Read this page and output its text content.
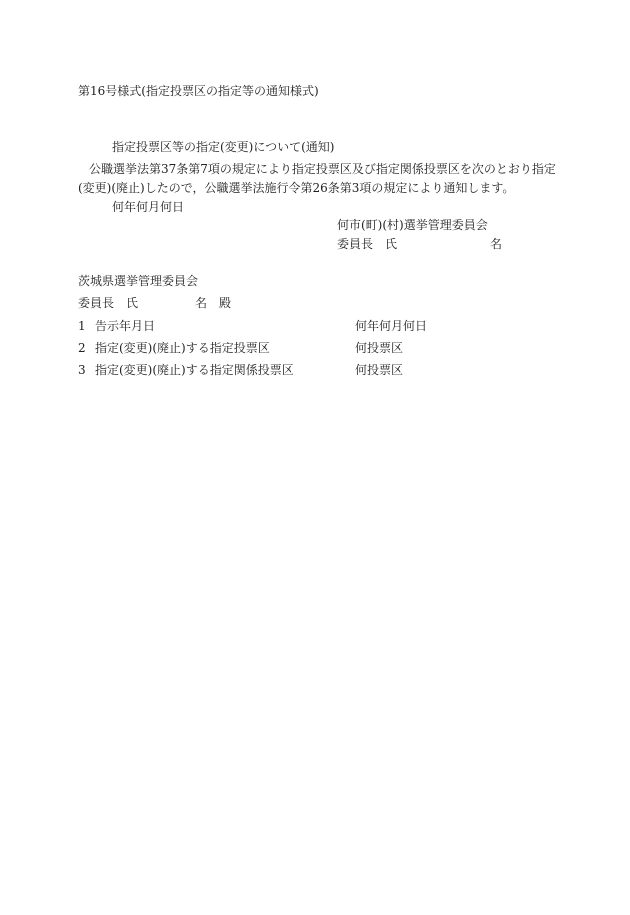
第16号様式(指定投票区の指定等の通知様式)
指定投票区等の指定(変更)について(通知)
公職選挙法第37条第7項の規定により指定投票区及び指定関係投票区を次のとおり指定
(変更)(廃止)したので，公職選挙法施行令第26条第3項の規定により通知します。
何年何月何日
何市(町)(村)選挙管理委員会
委員長　氏	名
茨城県選挙管理委員会
委員長　氏	名　殿
1 告示年月日	何年何月何日
2 指定(変更)(廃止)する指定投票区	何投票区
3 指定(変更)(廃止)する指定関係投票区	何投票区
